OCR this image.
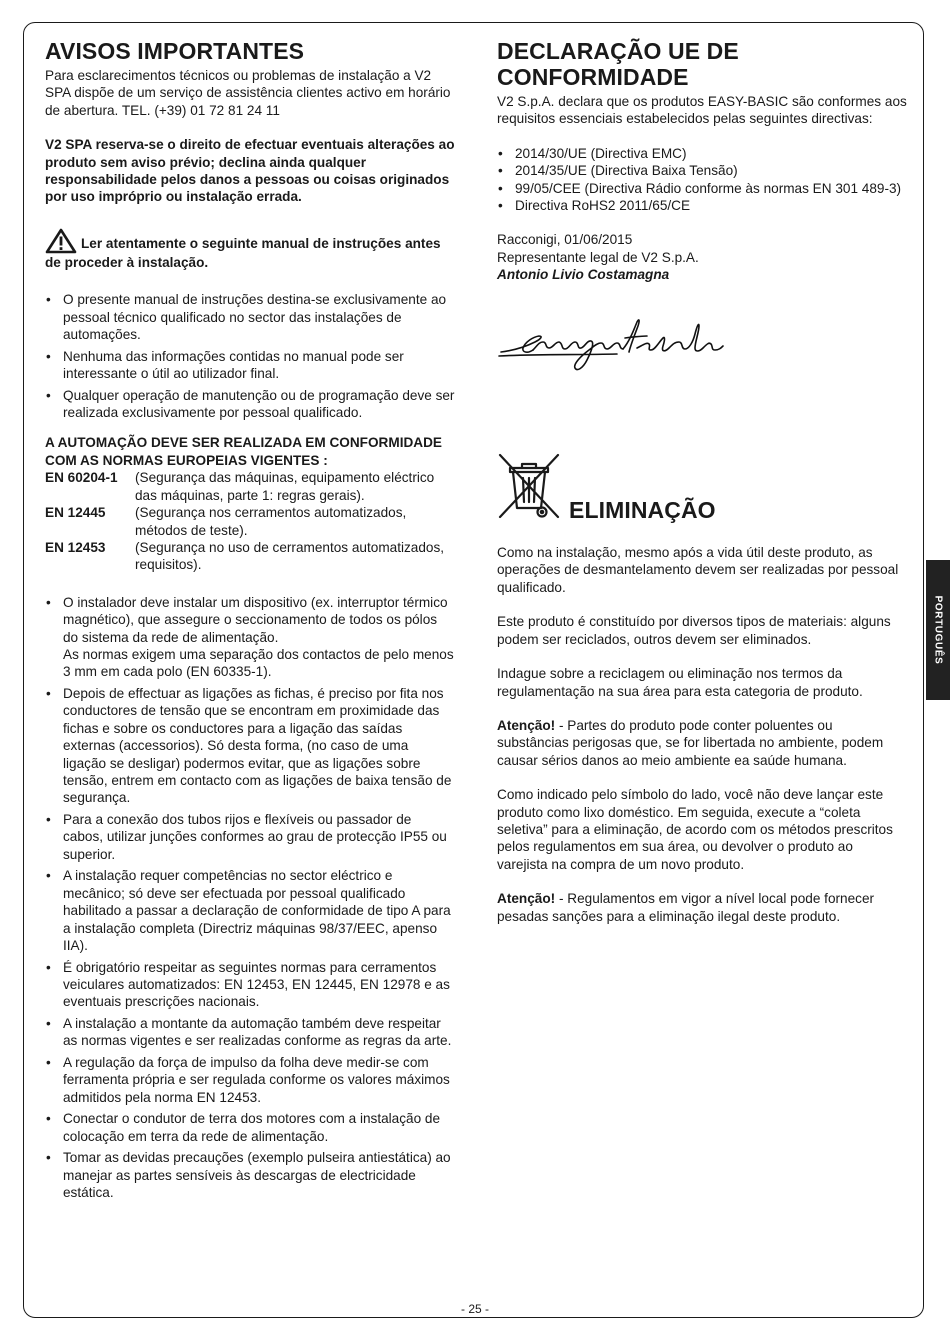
AVISOS IMPORTANTES

Para esclarecimentos técnicos ou problemas de instalação a V2 SPA dispõe de um serviço de assistência clientes activo em horário de abertura. TEL. (+39) 01 72 81 24 11

V2 SPA reserva-se o direito de efectuar eventuais alterações ao produto sem aviso prévio; declina ainda qualquer responsabilidade pelos danos a pessoas ou coisas originados por uso impróprio ou instalação errada.

Ler atentamente o seguinte manual de instruções antes de proceder à instalação.

• O presente manual de instruções destina-se exclusivamente ao pessoal técnico qualificado no sector das instalações de automações.
• Nenhuma das informações contidas no manual pode ser interessante o útil ao utilizador final.
• Qualquer operação de manutenção ou de programação deve ser realizada exclusivamente por pessoal qualificado.

A AUTOMAÇÃO DEVE SER REALIZADA EM CONFORMIDADE COM AS NORMAS EUROPEIAS VIGENTES :

EN 60204-1	(Segurança das máquinas, equipamento eléctrico das máquinas, parte 1: regras gerais).
EN 12445	(Segurança nos cerramentos automatizados, métodos de teste).
EN 12453	(Segurança no uso de cerramentos automatizados, requisitos).
• O instalador deve instalar um dispositivo (ex. interruptor térmico magnético), que assegure o seccionamento de todos os pólos do sistema da rede de alimentação.
As normas exigem uma separação dos contactos de pelo menos 3 mm em cada polo (EN 60335-1).
• Depois de effectuar as ligações as fichas, é preciso por fita nos conductores de tensão que se encontram em proximidade das fichas e sobre os conductores para a ligação das saídas externas (accessorios). Só desta forma, (no caso de uma ligação se desligar) podermos evitar, que as ligações sobre tensão, entrem em contacto com as ligações de baixa tensão de segurança.
• Para a conexão dos tubos rijos e flexíveis ou passador de cabos, utilizar junções conformes ao grau de protecção IP55 ou superior.
• A instalação requer competências no sector eléctrico e mecânico; só deve ser efectuada por pessoal qualificado habilitado a passar a declaração de conformidade de tipo A para a instalação completa (Directriz máquinas 98/37/EEC, apenso IIA).
• É obrigatório respeitar as seguintes normas para cerramentos veiculares automatizados: EN 12453, EN 12445, EN 12978 e as eventuais prescrições nacionais.
• A instalação a montante da automação também deve respeitar as normas vigentes e ser realizadas conforme as regras da arte.
• A regulação da força de impulso da folha deve medir-se com ferramenta própria e ser regulada conforme os valores máximos admitidos pela norma EN 12453.
• Conectar o condutor de terra dos motores com a instalação de colocação em terra da rede de alimentação.
• Tomar as devidas precauções (exemplo pulseira antiestática) ao manejar as partes sensíveis às descargas de electricidade estática.
DECLARAÇÃO UE DE CONFORMIDADE

V2 S.p.A. declara que os produtos EASY-BASIC são conformes aos requisitos essenciais estabelecidos pelas seguintes directivas:

• 2014/30/UE (Directiva EMC)
• 2014/35/UE (Directiva Baixa Tensão)
• 99/05/CEE (Directiva Rádio conforme às normas EN 301 489-3)
• Directiva RoHS2 2011/65/CE

Racconigi, 01/06/2015

Representante legal de V2 S.p.A.

Antonio Livio Costamagna

ELIMINAÇÃO

Como na instalação, mesmo após a vida útil deste produto, as operações de desmantelamento devem ser realizadas por pessoal qualificado.

Este produto é constituído por diversos tipos de materiais: alguns podem ser reciclados, outros devem ser eliminados.

Indague sobre a reciclagem ou eliminação nos termos da regulamentação na sua área para esta categoria de produto.

Atenção! - Partes do produto pode conter poluentes ou substâncias perigosas que, se for libertada no ambiente, podem causar sérios danos ao meio ambiente ea saúde humana.

Como indicado pelo símbolo do lado, você não deve lançar este produto como lixo doméstico. Em seguida, execute a “coleta seletiva” para a eliminação, de acordo com os métodos prescritos pelos regulamentos em sua área, ou devolver o produto ao varejista na compra de um novo produto.

Atenção! - Regulamentos em vigor a nível local pode fornecer pesadas sanções para a eliminação ilegal deste produto.

PORTUGUÊS
- 25 -
